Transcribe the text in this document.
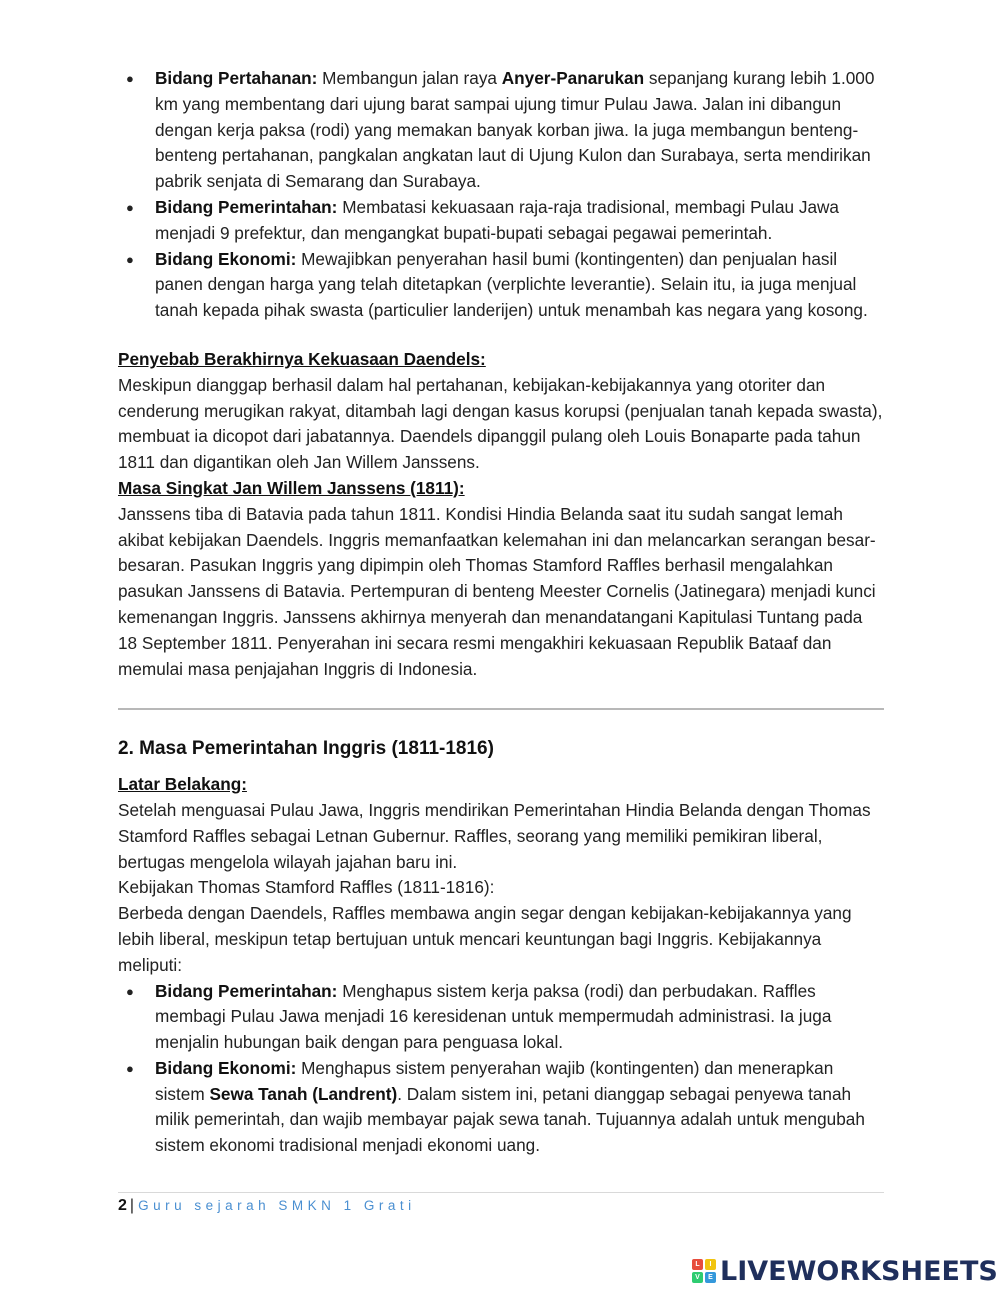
● Bidang Pertahanan: Membangun jalan raya Anyer-Panarukan sepanjang kurang lebih 1.000 km yang membentang dari ujung barat sampai ujung timur Pulau Jawa. Jalan ini dibangun dengan kerja paksa (rodi) yang memakan banyak korban jiwa. Ia juga membangun benteng-benteng pertahanan, pangkalan angkatan laut di Ujung Kulon dan Surabaya, serta mendirikan pabrik senjata di Semarang dan Surabaya.
● Bidang Pemerintahan: Membatasi kekuasaan raja-raja tradisional, membagi Pulau Jawa menjadi 9 prefektur, dan mengangkat bupati-bupati sebagai pegawai pemerintah.
● Bidang Ekonomi: Mewajibkan penyerahan hasil bumi (kontingenten) dan penjualan hasil panen dengan harga yang telah ditetapkan (verplichte leverantie). Selain itu, ia juga menjual tanah kepada pihak swasta (particulier landerijen) untuk menambah kas negara yang kosong.

Penyebab Berakhirnya Kekuasaan Daendels:

Meskipun dianggap berhasil dalam hal pertahanan, kebijakan-kebijakannya yang otoriter dan cenderung merugikan rakyat, ditambah lagi dengan kasus korupsi (penjualan tanah kepada swasta), membuat ia dicopot dari jabatannya. Daendels dipanggil pulang oleh Louis Bonaparte pada tahun 1811 dan digantikan oleh Jan Willem Janssens.

Masa Singkat Jan Willem Janssens (1811):

Janssens tiba di Batavia pada tahun 1811. Kondisi Hindia Belanda saat itu sudah sangat lemah akibat kebijakan Daendels. Inggris memanfaatkan kelemahan ini dan melancarkan serangan besar-besaran. Pasukan Inggris yang dipimpin oleh Thomas Stamford Raffles berhasil mengalahkan pasukan Janssens di Batavia. Pertempuran di benteng Meester Cornelis (Jatinegara) menjadi kunci kemenangan Inggris. Janssens akhirnya menyerah dan menandatangani Kapitulasi Tuntang pada 18 September 1811. Penyerahan ini secara resmi mengakhiri kekuasaan Republik Bataaf dan memulai masa penjajahan Inggris di Indonesia.

2. Masa Pemerintahan Inggris (1811-1816)

Latar Belakang:

Setelah menguasai Pulau Jawa, Inggris mendirikan Pemerintahan Hindia Belanda dengan Thomas Stamford Raffles sebagai Letnan Gubernur. Raffles, seorang yang memiliki pemikiran liberal, bertugas mengelola wilayah jajahan baru ini.

Kebijakan Thomas Stamford Raffles (1811-1816):

Berbeda dengan Daendels, Raffles membawa angin segar dengan kebijakan-kebijakannya yang lebih liberal, meskipun tetap bertujuan untuk mencari keuntungan bagi Inggris. Kebijakannya meliputi:

● Bidang Pemerintahan: Menghapus sistem kerja paksa (rodi) dan perbudakan. Raffles membagi Pulau Jawa menjadi 16 keresidenan untuk mempermudah administrasi. Ia juga menjalin hubungan baik dengan para penguasa lokal.
● Bidang Ekonomi: Menghapus sistem penyerahan wajib (kontingenten) dan menerapkan sistem Sewa Tanah (Landrent). Dalam sistem ini, petani dianggap sebagai penyewa tanah milik pemerintah, dan wajib membayar pajak sewa tanah. Tujuannya adalah untuk mengubah sistem ekonomi tradisional menjadi ekonomi uang.
2 | Guru sejarah SMKN 1 Grati
L	I
V	E LIVEWORKSHEETS
